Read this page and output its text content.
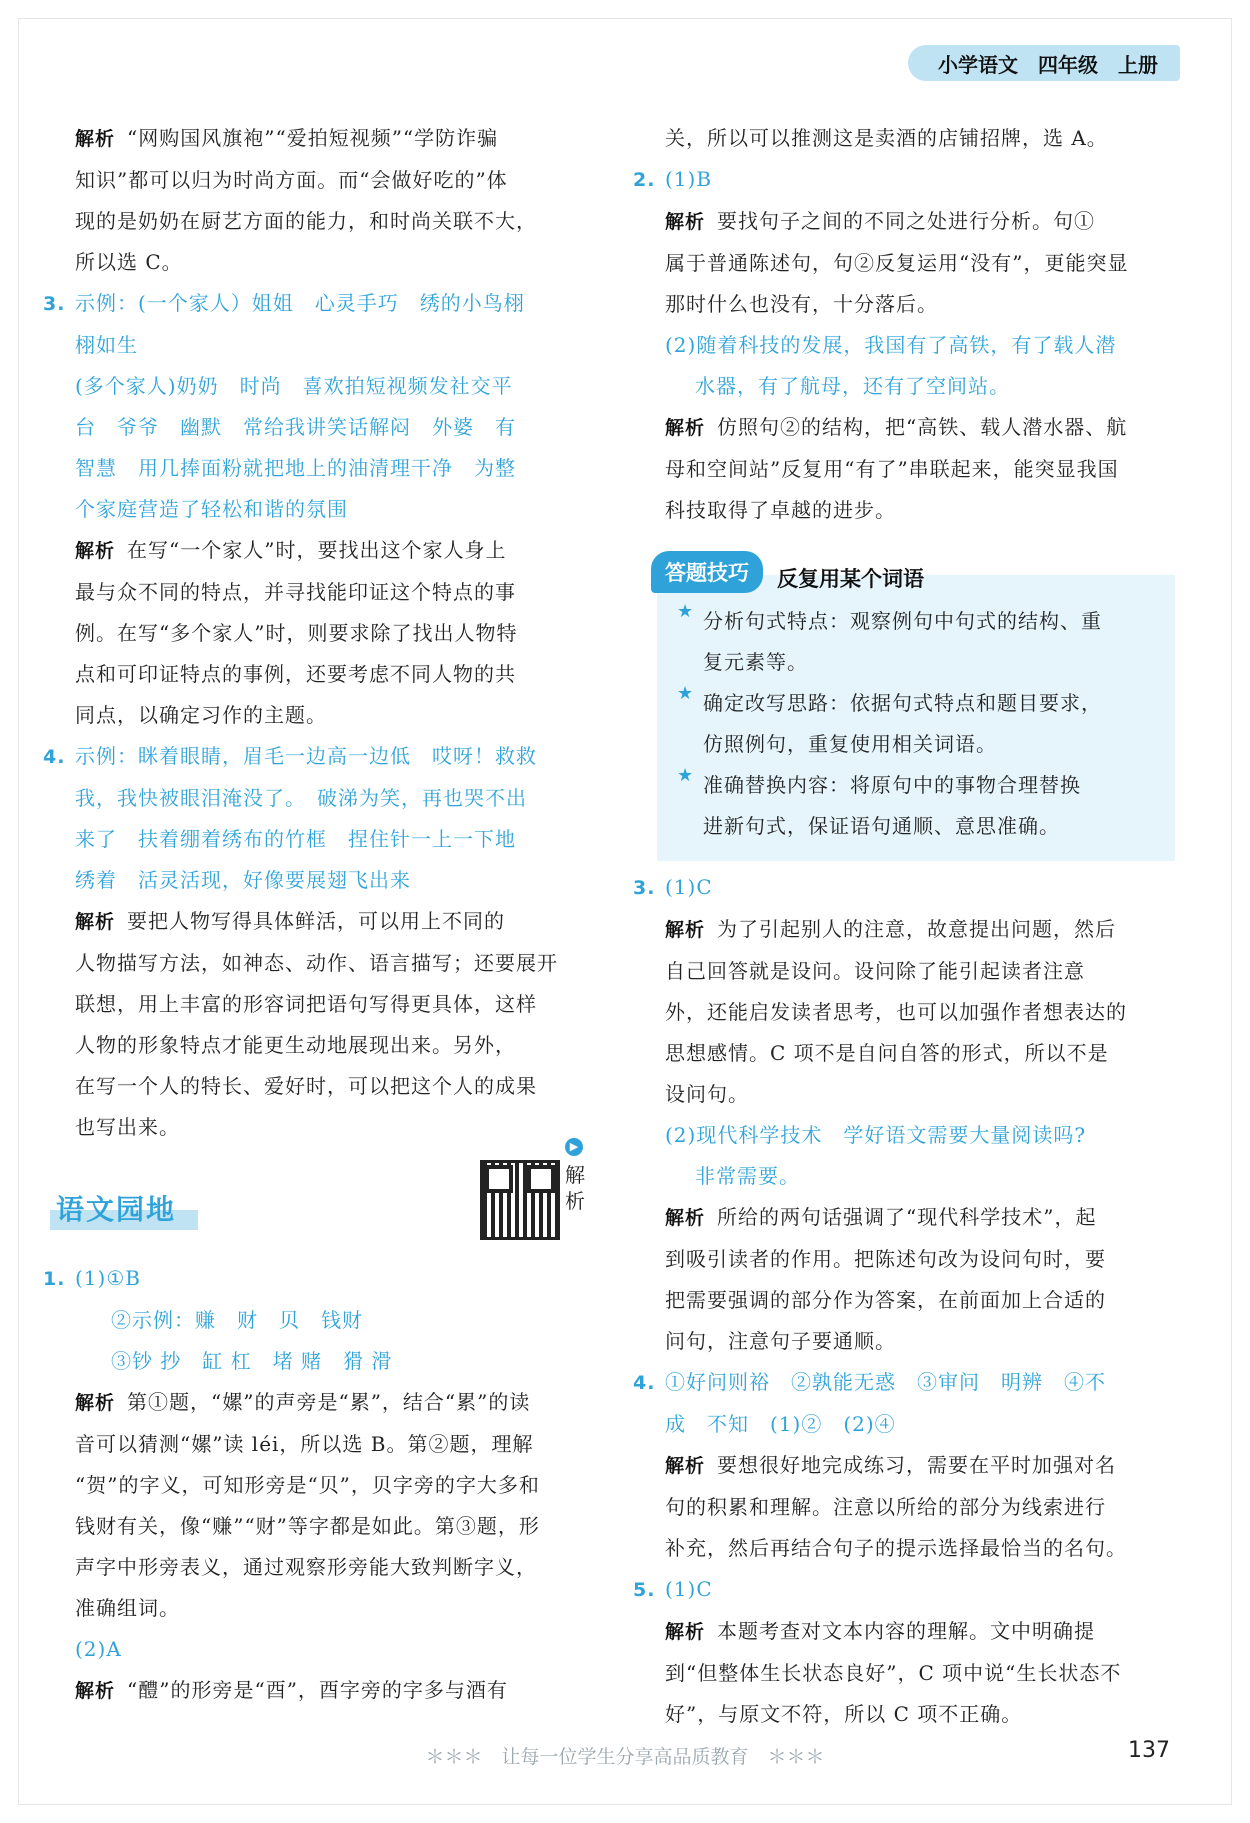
小学语文 四年级 上册

解析 “网购国风旗袍”“爱拍短视频”“学防诈骗

知识”都可以归为时尚方面。而“会做好吃的”体

现的是奶奶在厨艺方面的能力，和时尚关联不大，

所以选 C。

3. 示例：(一个家人）姐姐　心灵手巧　绣的小鸟栩

栩如生

(多个家人)奶奶　时尚　喜欢拍短视频发社交平

台　爷爷　幽默　常给我讲笑话解闷　外婆　有

智慧　用几捧面粉就把地上的油清理干净　为整

个家庭营造了轻松和谐的氛围

解析 在写“一个家人”时，要找出这个家人身上

最与众不同的特点，并寻找能印证这个特点的事

例。在写“多个家人”时，则要求除了找出人物特

点和可印证特点的事例，还要考虑不同人物的共

同点，以确定习作的主题。

4. 示例：眯着眼睛，眉毛一边高一边低　哎呀！救救

我，我快被眼泪淹没了。　破涕为笑，再也哭不出

来了　扶着绷着绣布的竹框　捏住针一上一下地

绣着　活灵活现，好像要展翅飞出来

解析 要把人物写得具体鲜活，可以用上不同的

人物描写方法，如神态、动作、语言描写；还要展开

联想，用上丰富的形容词把语句写得更具体，这样

人物的形象特点才能更生动地展现出来。另外，

在写一个人的特长、爱好时，可以把这个人的成果

也写出来。

语文园地
▶
解析

1. (1)①B

②示例：赚　财　贝　钱财

③钞 抄　缸 杠　堵 赌　猾 滑

解析 第①题，“嫘”的声旁是“累”，结合“累”的读

音可以猜测“嫘”读 léi，所以选 B。第②题，理解

“贺”的字义，可知形旁是“贝”，贝字旁的字大多和

钱财有关，像“赚”“财”等字都是如此。第③题，形

声字中形旁表义，通过观察形旁能大致判断字义，

准确组词。

(2)A

解析 “醴”的形旁是“酉”，酉字旁的字多与酒有

关，所以可以推测这是卖酒的店铺招牌，选 A。

2. (1)B

解析 要找句子之间的不同之处进行分析。句①

属于普通陈述句，句②反复运用“没有”，更能突显

那时什么也没有，十分落后。

(2)随着科技的发展，我国有了高铁，有了载人潜

水器，有了航母，还有了空间站。

解析 仿照句②的结构，把“高铁、载人潜水器、航

母和空间站”反复用“有了”串联起来，能突显我国

科技取得了卓越的进步。

答题技巧	反复用某个词语
★ 分析句式特点：观察例句中句式的结构、重

复元素等。

★ 确定改写思路：依据句式特点和题目要求，

仿照例句，重复使用相关词语。

★ 准确替换内容：将原句中的事物合理替换

进新句式，保证语句通顺、意思准确。

3. (1)C

解析 为了引起别人的注意，故意提出问题，然后

自己回答就是设问。设问除了能引起读者注意

外，还能启发读者思考，也可以加强作者想表达的

思想感情。C 项不是自问自答的形式，所以不是

设问句。

(2)现代科学技术　学好语文需要大量阅读吗?

非常需要。

解析 所给的两句话强调了“现代科学技术”，起

到吸引读者的作用。把陈述句改为设问句时，要

把需要强调的部分作为答案，在前面加上合适的

问句，注意句子要通顺。

4. ①好问则裕　②孰能无惑　③审问　明辨　④不

成　不知　(1)②　(2)④

解析 要想很好地完成练习，需要在平时加强对名

句的积累和理解。注意以所给的部分为线索进行

补充，然后再结合句子的提示选择最恰当的名句。

5. (1)C

解析 本题考查对文本内容的理解。文中明确提

到“但整体生长状态良好”，C 项中说“生长状态不

好”，与原文不符，所以 C 项不正确。

＊＊＊　让每一位学生分享高品质教育　＊＊＊	137
